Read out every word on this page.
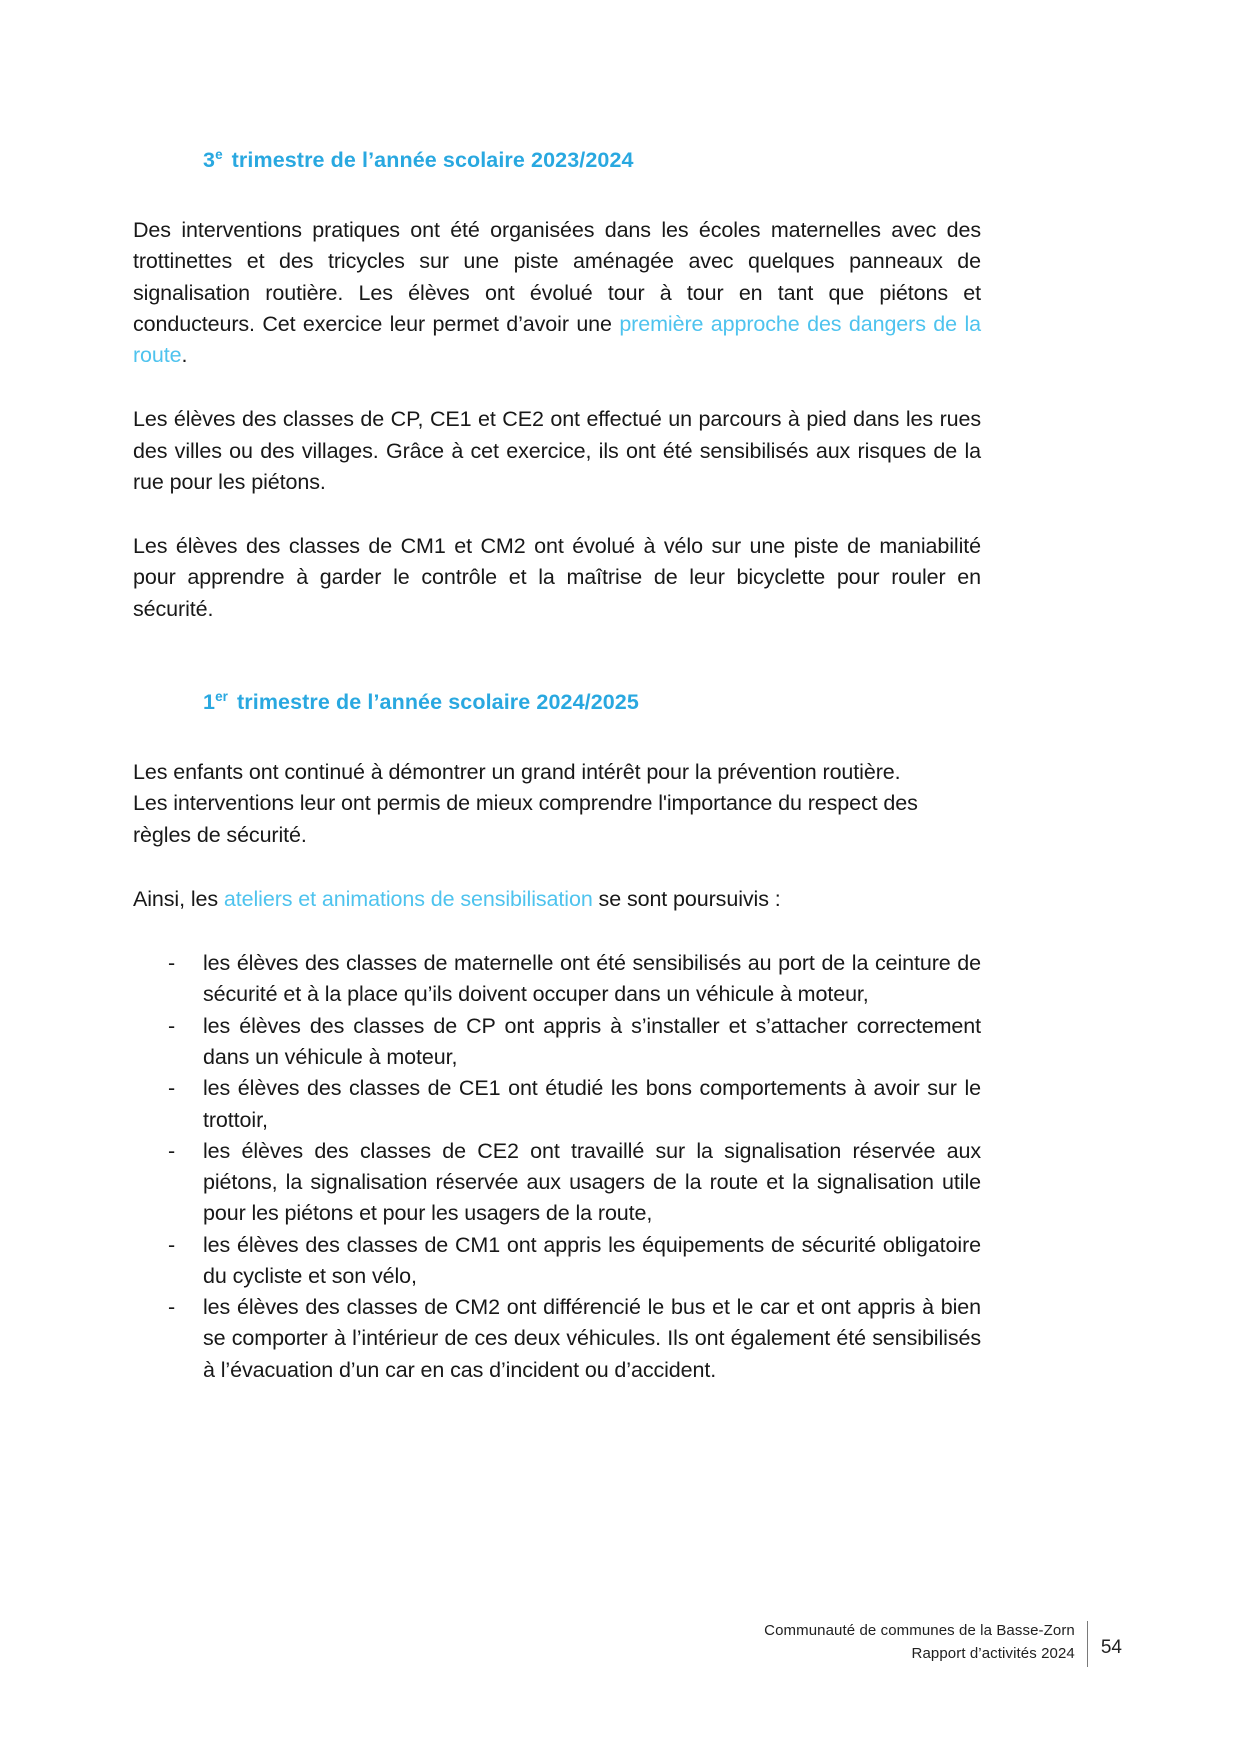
3e trimestre de l’année scolaire 2023/2024

Des interventions pratiques ont été organisées dans les écoles maternelles avec des trottinettes et des tricycles sur une piste aménagée avec quelques panneaux de signalisation routière. Les élèves ont évolué tour à tour en tant que piétons et conducteurs. Cet exercice leur permet d’avoir une première approche des dangers de la route.

Les élèves des classes de CP, CE1 et CE2 ont effectué un parcours à pied dans les rues des villes ou des villages. Grâce à cet exercice, ils ont été sensibilisés aux risques de la rue pour les piétons.

Les élèves des classes de CM1 et CM2 ont évolué à vélo sur une piste de maniabilité pour apprendre à garder le contrôle et la maîtrise de leur bicyclette pour rouler en sécurité.

1er trimestre de l’année scolaire 2024/2025

Les enfants ont continué à démontrer un grand intérêt pour la prévention routière.

Les interventions leur ont permis de mieux comprendre l'importance du respect des règles de sécurité.

Ainsi, les ateliers et animations de sensibilisation se sont poursuivis :

- les élèves des classes de maternelle ont été sensibilisés au port de la ceinture de sécurité et à la place qu’ils doivent occuper dans un véhicule à moteur,
- les élèves des classes de CP ont appris à s’installer et s’attacher correctement dans un véhicule à moteur,
- les élèves des classes de CE1 ont étudié les bons comportements à avoir sur le trottoir,
- les élèves des classes de CE2 ont travaillé sur la signalisation réservée aux piétons, la signalisation réservée aux usagers de la route et la signalisation utile pour les piétons et pour les usagers de la route,
- les élèves des classes de CM1 ont appris les équipements de sécurité obligatoire du cycliste et son vélo,
- les élèves des classes de CM2 ont différencié le bus et le car et ont appris à bien se comporter à l’intérieur de ces deux véhicules. Ils ont également été sensibilisés à l’évacuation d’un car en cas d’incident ou d’accident.
Communauté de communes de la Basse-Zorn
Rapport d’activités 2024	54
